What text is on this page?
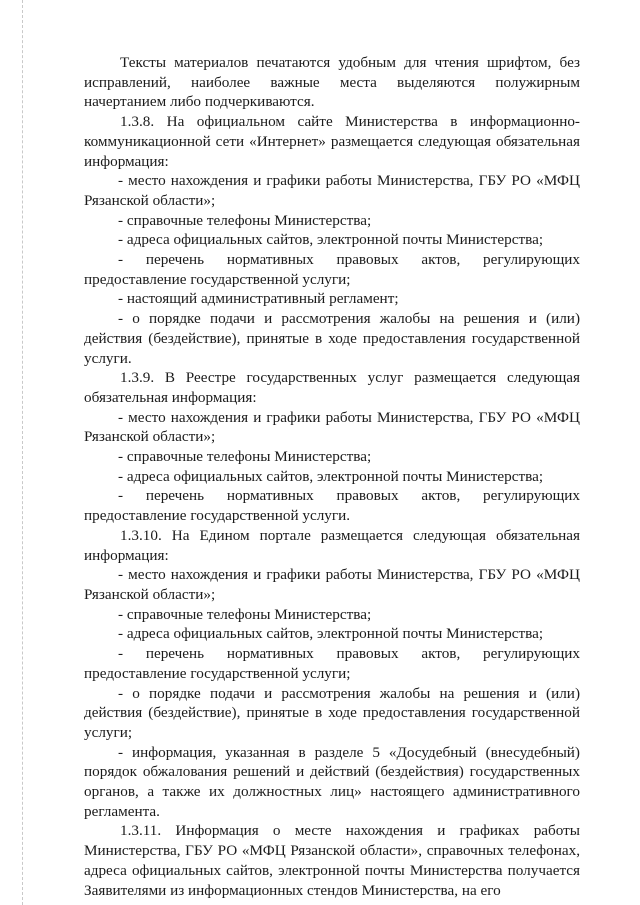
Тексты материалов печатаются удобным для чтения шрифтом, без исправлений, наиболее важные места выделяются полужирным начертанием либо подчеркиваются.

1.3.8. На официальном сайте Министерства в информационно-коммуникационной сети «Интернет» размещается следующая обязательная информация:

- место нахождения и графики работы Министерства, ГБУ РО «МФЦ Рязанской области»;

- справочные телефоны Министерства;

- адреса официальных сайтов, электронной почты Министерства;

- перечень нормативных правовых актов, регулирующих предоставление государственной услуги;

- настоящий административный регламент;

- о порядке подачи и рассмотрения жалобы на решения и (или) действия (бездействие), принятые в ходе предоставления государственной услуги.

1.3.9. В Реестре государственных услуг размещается следующая обязательная информация:

- место нахождения и графики работы Министерства, ГБУ РО «МФЦ Рязанской области»;

- справочные телефоны Министерства;

- адреса официальных сайтов, электронной почты Министерства;

- перечень нормативных правовых актов, регулирующих предоставление государственной услуги.

1.3.10. На Едином портале размещается следующая обязательная информация:

- место нахождения и графики работы Министерства, ГБУ РО «МФЦ Рязанской области»;

- справочные телефоны Министерства;

- адреса официальных сайтов, электронной почты Министерства;

- перечень нормативных правовых актов, регулирующих предоставление государственной услуги;

- о порядке подачи и рассмотрения жалобы на решения и (или) действия (бездействие), принятые в ходе предоставления государственной услуги;

- информация, указанная в разделе 5 «Досудебный (внесудебный) порядок обжалования решений и действий (бездействия) государственных органов, а также их должностных лиц» настоящего административного регламента.

1.3.11. Информация о месте нахождения и графиках работы Министерства, ГБУ РО «МФЦ Рязанской области», справочных телефонах, адреса официальных сайтов, электронной почты Министерства получается Заявителями из информационных стендов Министерства, на его
